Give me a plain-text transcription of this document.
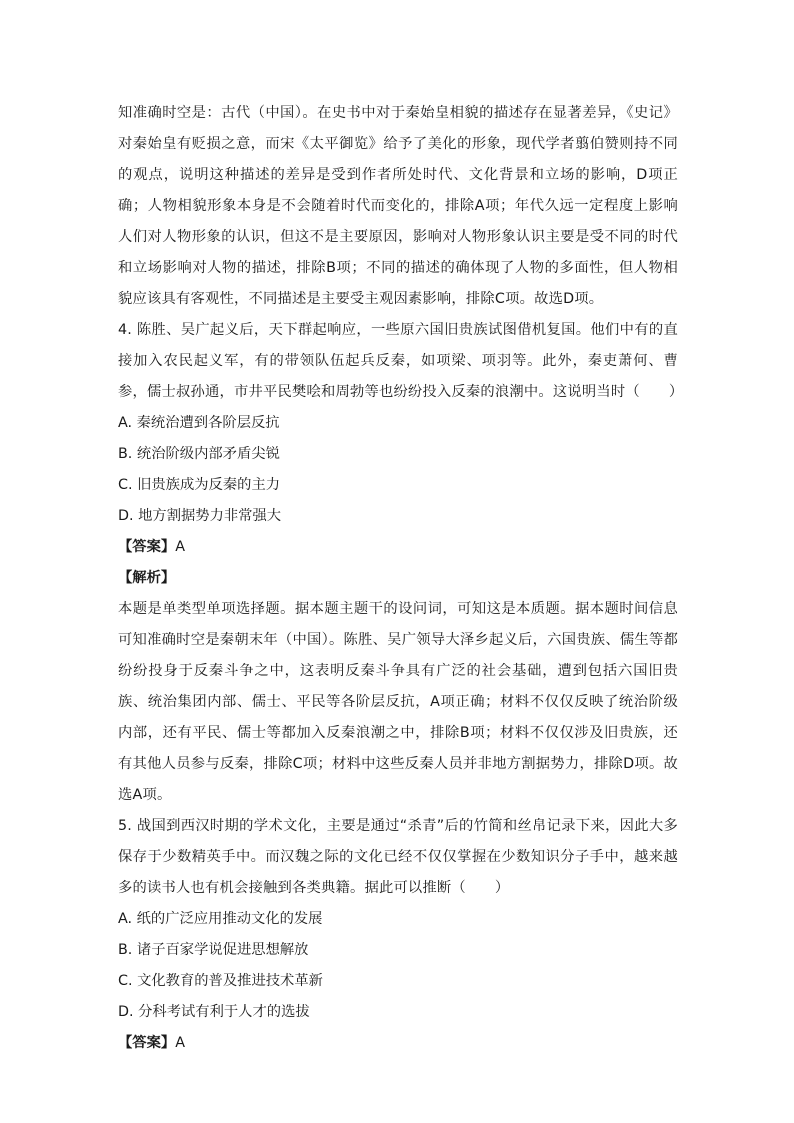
知准确时空是：古代（中国）。在史书中对于秦始皇相貌的描述存在显著差异，《史记》对秦始皇有贬损之意，而宋《太平御览》给予了美化的形象，现代学者翦伯赞则持不同的观点，说明这种描述的差异是受到作者所处时代、文化背景和立场的影响，D项正确；人物相貌形象本身是不会随着时代而变化的，排除A项；年代久远一定程度上影响人们对人物形象的认识，但这不是主要原因，影响对人物形象认识主要是受不同的时代和立场影响对人物的描述，排除B项；不同的描述的确体现了人物的多面性，但人物相貌应该具有客观性，不同描述是主要受主观因素影响，排除C项。故选D项。

4. 陈胜、吴广起义后，天下群起响应，一些原六国旧贵族试图借机复国。他们中有的直接加入农民起义军，有的带领队伍起兵反秦，如项梁、项羽等。此外，秦吏萧何、曹参，儒士叔孙通，市井平民樊哙和周勃等也纷纷投入反秦的浪潮中。这说明当时（　　）

A. 秦统治遭到各阶层反抗

B. 统治阶级内部矛盾尖锐

C. 旧贵族成为反秦的主力

D. 地方割据势力非常强大

【答案】A

【解析】

本题是单类型单项选择题。据本题主题干的设问词，可知这是本质题。据本题时间信息可知准确时空是秦朝末年（中国）。陈胜、吴广领导大泽乡起义后，六国贵族、儒生等都纷纷投身于反秦斗争之中，这表明反秦斗争具有广泛的社会基础，遭到包括六国旧贵族、统治集团内部、儒士、平民等各阶层反抗，A项正确；材料不仅仅反映了统治阶级内部，还有平民、儒士等都加入反秦浪潮之中，排除B项；材料不仅仅涉及旧贵族，还有其他人员参与反秦，排除C项；材料中这些反秦人员并非地方割据势力，排除D项。故选A项。

5. 战国到西汉时期的学术文化，主要是通过“杀青”后的竹简和丝帛记录下来，因此大多保存于少数精英手中。而汉魏之际的文化已经不仅仅掌握在少数知识分子手中，越来越多的读书人也有机会接触到各类典籍。据此可以推断（　　）

A. 纸的广泛应用推动文化的发展

B. 诸子百家学说促进思想解放

C. 文化教育的普及推进技术革新

D. 分科考试有利于人才的选拔

【答案】A
